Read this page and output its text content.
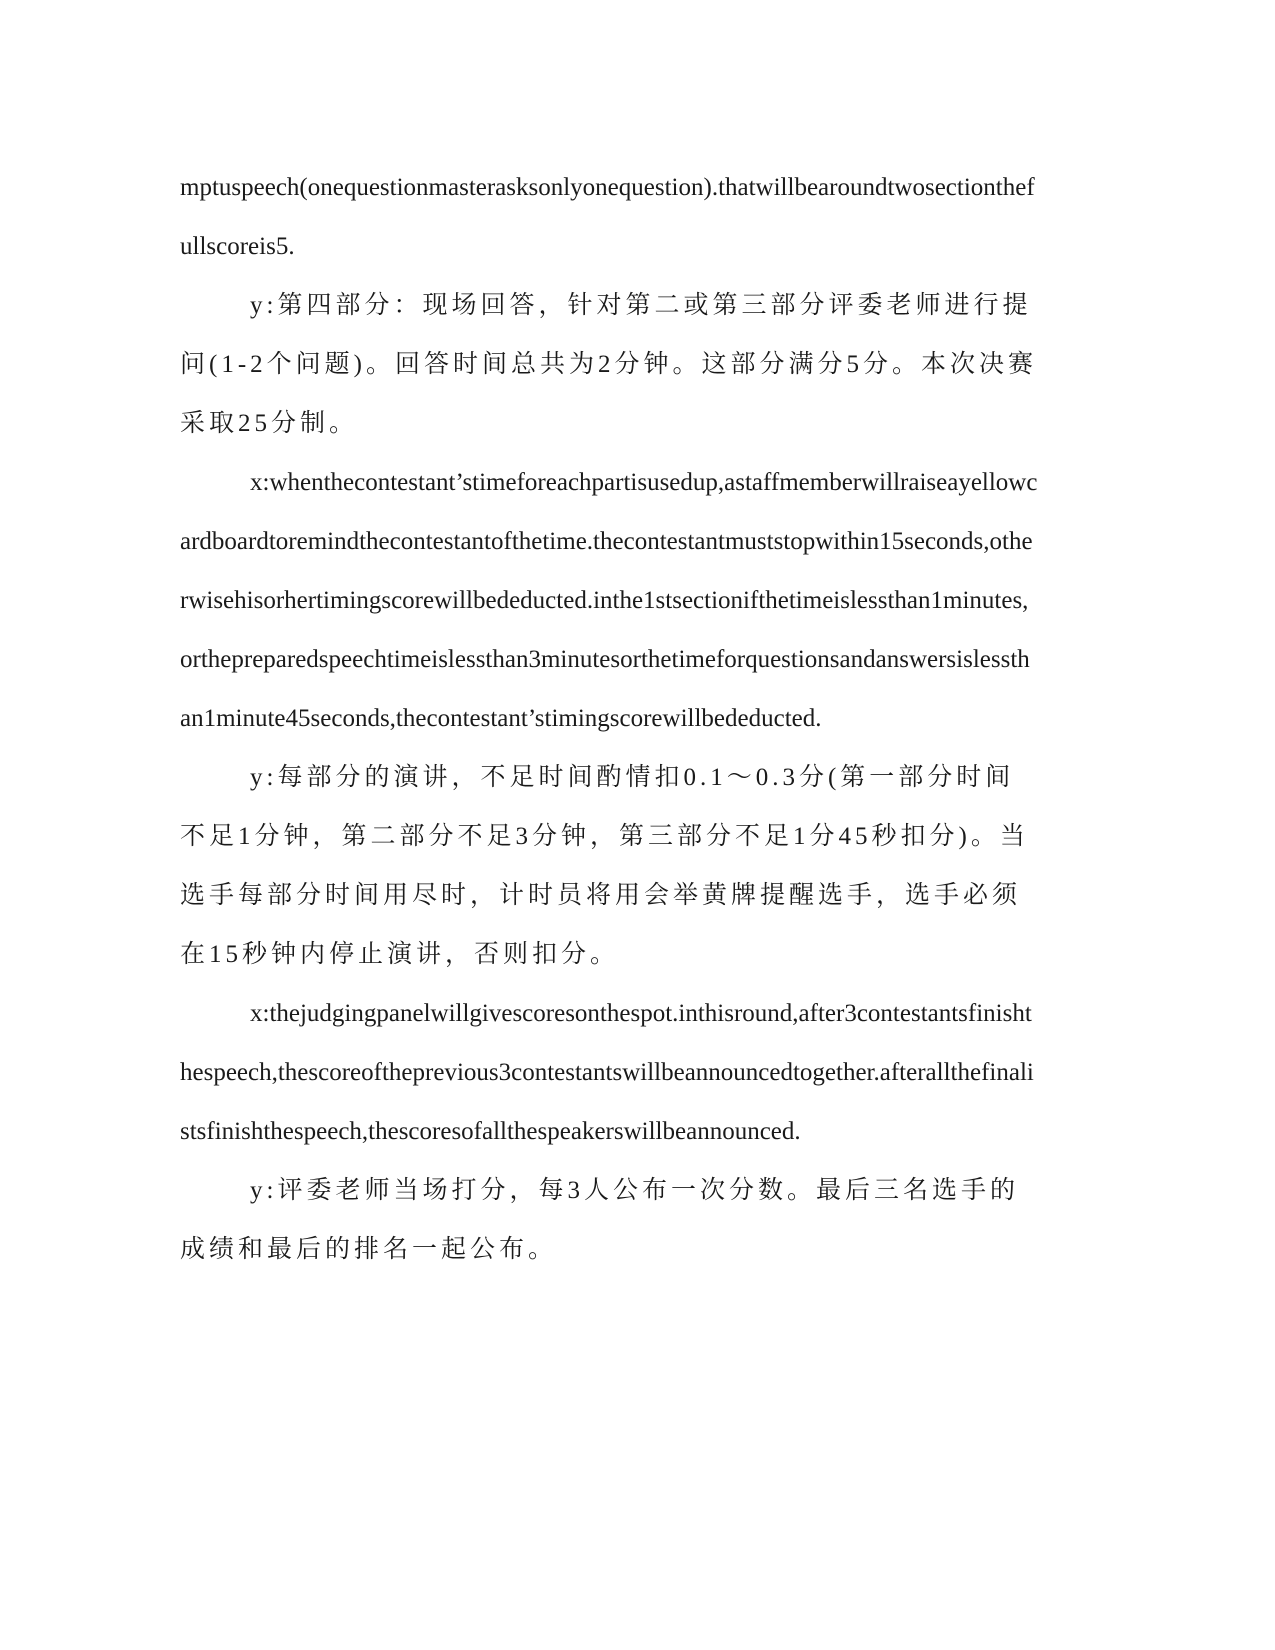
mptuspeech(onequestionmasterasksonlyonequestion).thatwillbearoundtwosectionthefullscoreis5.

y:第四部分：现场回答，针对第二或第三部分评委老师进行提问(1-2个问题)。回答时间总共为2分钟。这部分满分5分。本次决赛采取25分制。

x:whenthecontestant’stimeforeachpartisusedup,astaffmemberwillraiseayellowcardboardtoremindthecontestantofthetime.thecontestantmuststopwithin15seconds,otherwisehisorhertimingscorewillbededucted.inthe1stsectionifthetimeislessthan1minutes,orthepreparedspeechtimeislessthan3minutesorthetimeforquestionsandanswersislessthan1minute45seconds,thecontestant’stimingscorewillbededucted.

y:每部分的演讲，不足时间酌情扣0.1～0.3分(第一部分时间不足1分钟，第二部分不足3分钟，第三部分不足1分45秒扣分)。当选手每部分时间用尽时，计时员将用会举黄牌提醒选手，选手必须在15秒钟内停止演讲，否则扣分。

x:thejudgingpanelwillgivescoresonthespot.inthisround,after3contestantsfinishthespeech,thescoreoftheprevious3contestantswillbeannouncedtogether.afterallthefinalistsfinishthespeech,thescoresofallthespeakerswillbeannounced.

y:评委老师当场打分，每3人公布一次分数。最后三名选手的成绩和最后的排名一起公布。
